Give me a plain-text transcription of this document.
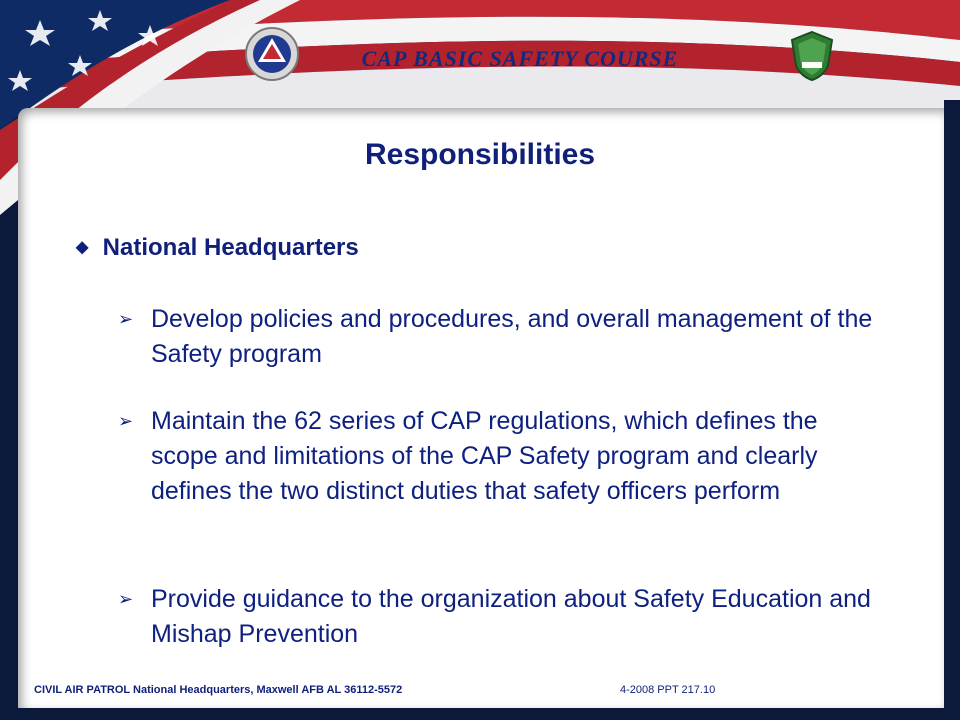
CAP BASIC SAFETY COURSE
Responsibilities
◆ National Headquarters
➢ Develop policies and procedures, and overall management of the Safety program
➢ Maintain the 62 series of CAP regulations, which defines the scope and limitations of the CAP Safety program and clearly defines the two distinct duties that safety officers perform
➢ Provide guidance to the organization about Safety Education and Mishap Prevention
CIVIL AIR PATROL National Headquarters, Maxwell AFB AL 36112-5572	4-2008 PPT 217.10
